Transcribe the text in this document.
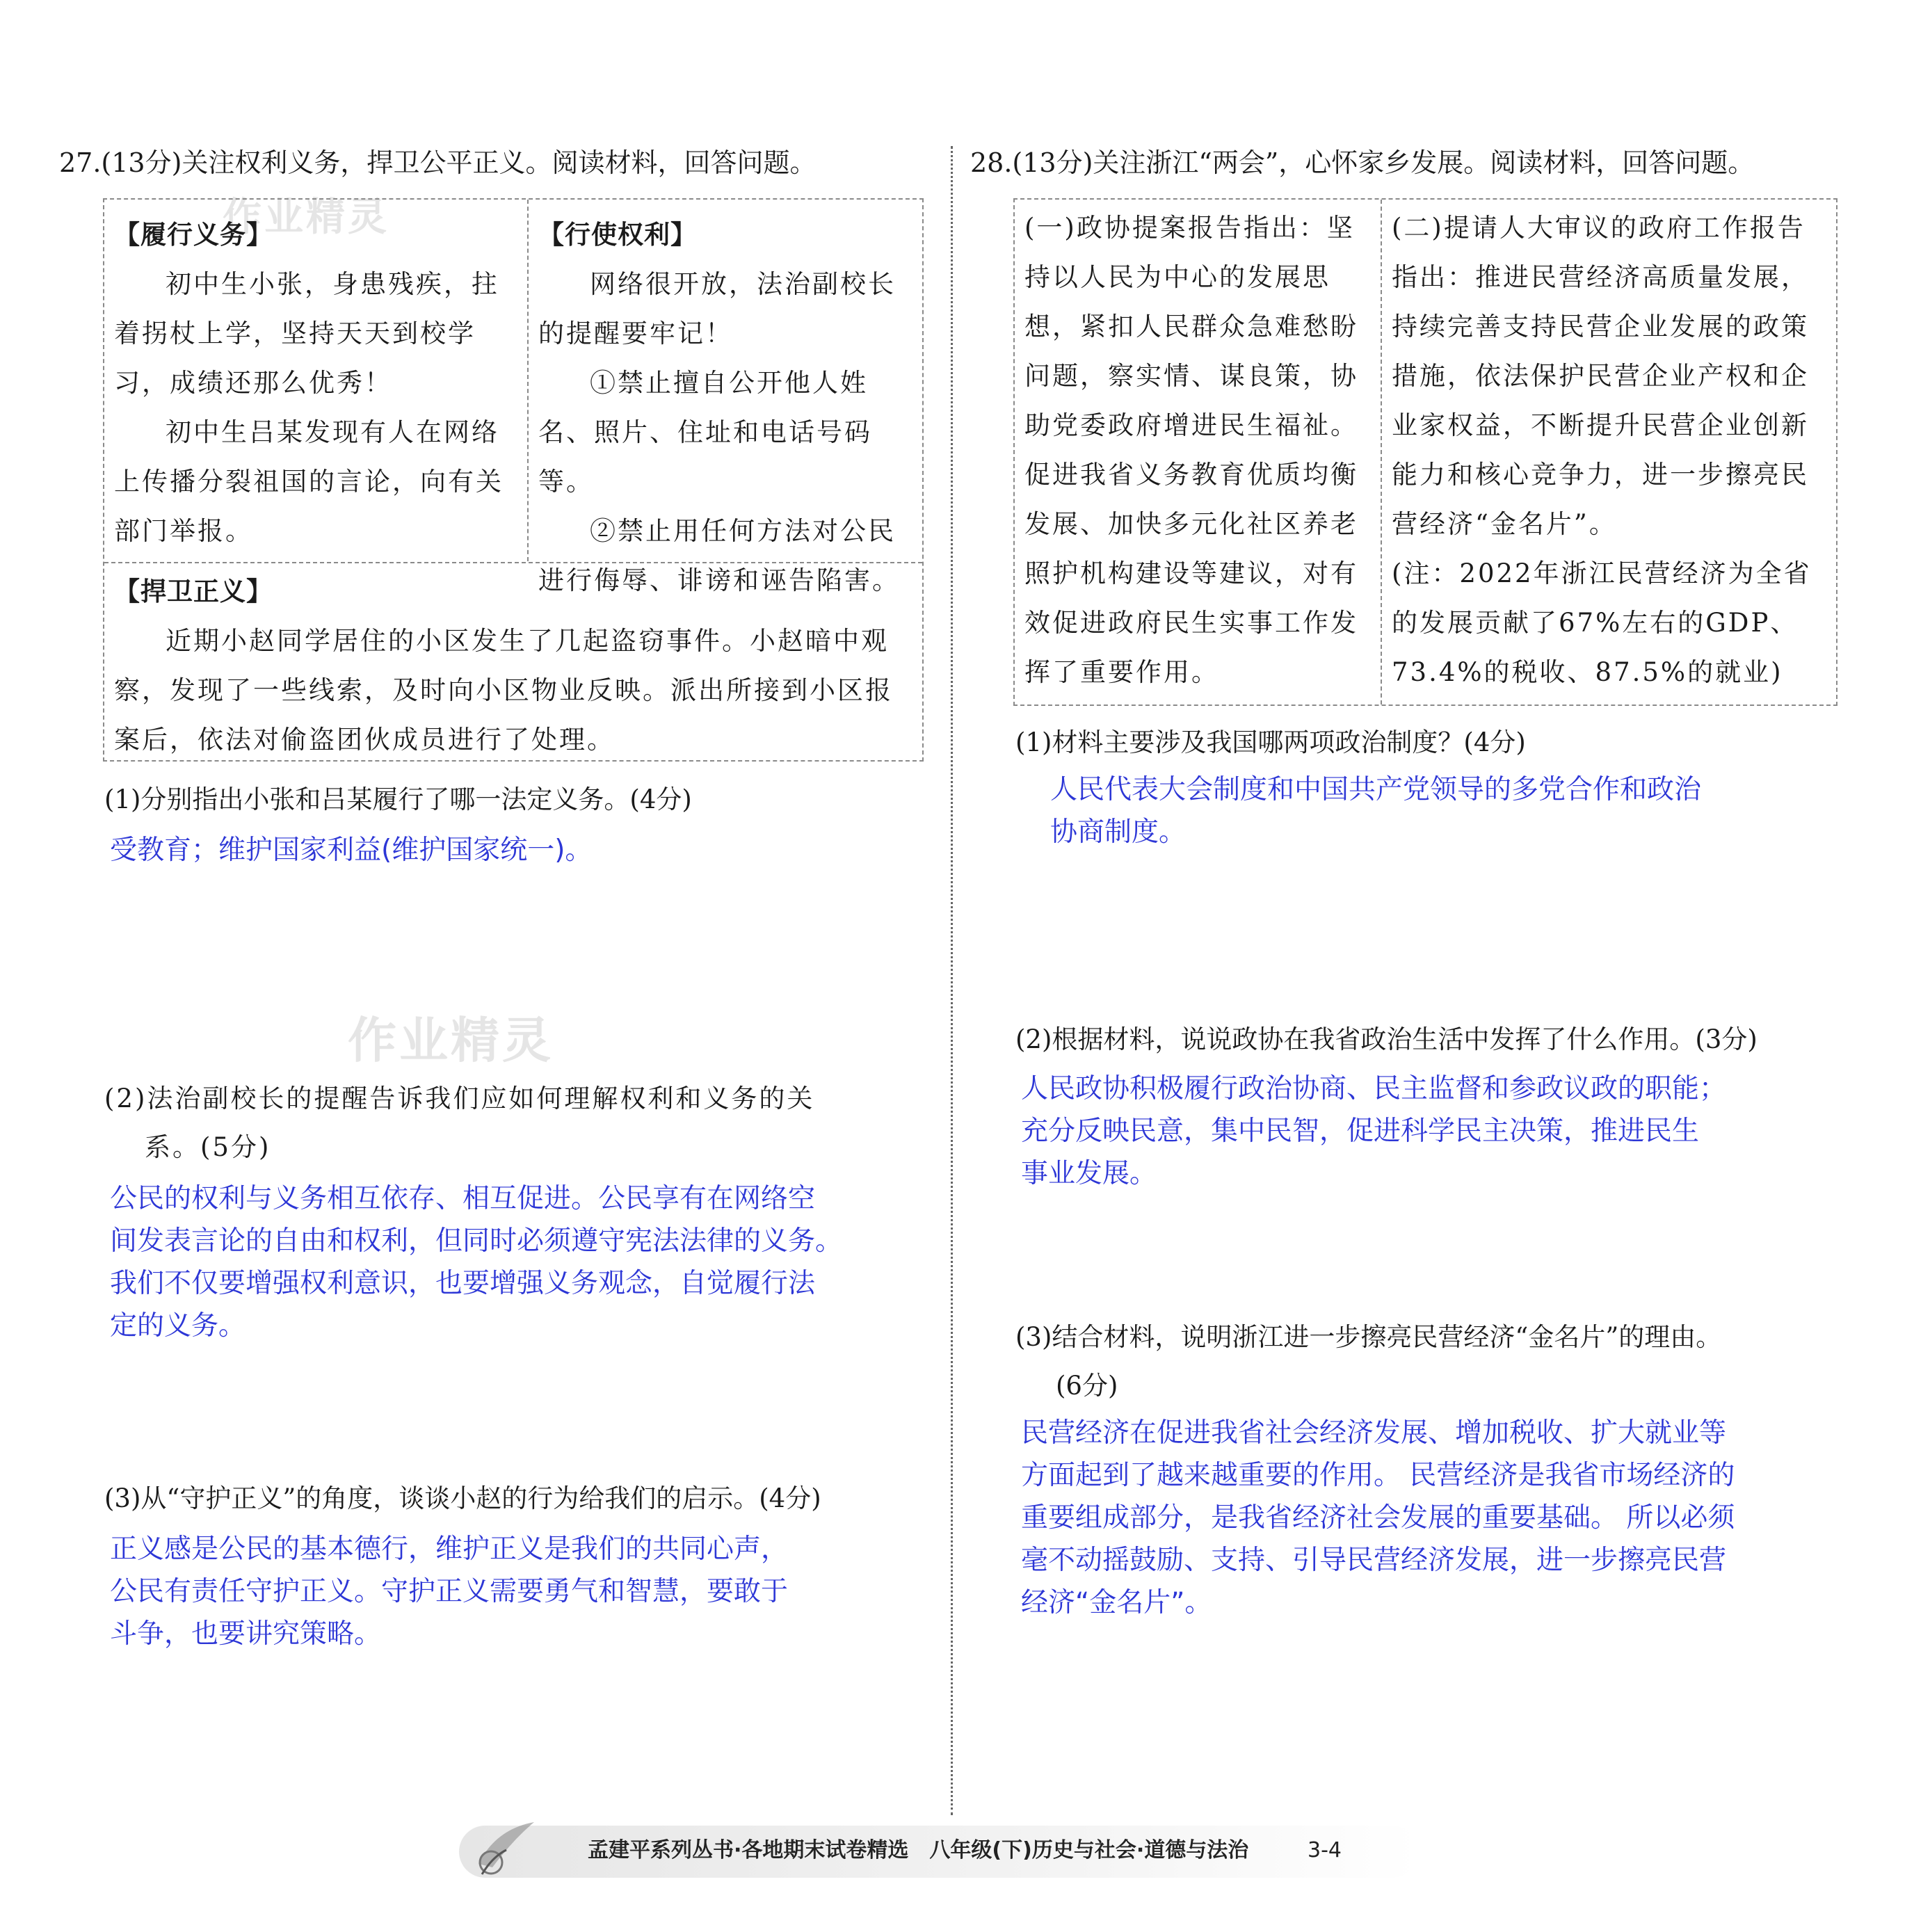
作业精灵
作业精灵
27.(13分)关注权利义务，捍卫公平正义。阅读材料，回答问题。
【履行义务】

初中生小张，身患残疾，拄着拐杖上学，坚持天天到校学习，成绩还那么优秀！

初中生吕某发现有人在网络上传播分裂祖国的言论，向有关部门举报。

【行使权利】

网络很开放，法治副校长的提醒要牢记！

①禁止擅自公开他人姓名、照片、住址和电话号码等。

②禁止用任何方法对公民进行侮辱、诽谤和诬告陷害。

【捍卫正义】

近期小赵同学居住的小区发生了几起盗窃事件。小赵暗中观察，发现了一些线索，及时向小区物业反映。派出所接到小区报案后，依法对偷盗团伙成员进行了处理。

(1)分别指出小张和吕某履行了哪一法定义务。(4分)
受教育；维护国家利益(维护国家统一)。
(2)法治副校长的提醒告诉我们应如何理解权利和义务的关
系。(5分)
公民的权利与义务相互依存、相互促进。公民享有在网络空
间发表言论的自由和权利，但同时必须遵守宪法法律的义务。
我们不仅要增强权利意识，也要增强义务观念，自觉履行法
定的义务。
(3)从“守护正义”的角度，谈谈小赵的行为给我们的启示。(4分)
正义感是公民的基本德行，维护正义是我们的共同心声，
公民有责任守护正义。守护正义需要勇气和智慧，要敢于
斗争，也要讲究策略。
28.(13分)关注浙江“两会”，心怀家乡发展。阅读材料，回答问题。

(一)政协提案报告指出：坚持以人民为中心的发展思想，紧扣人民群众急难愁盼问题，察实情、谋良策，协助党委政府增进民生福祉。促进我省义务教育优质均衡发展、加快多元化社区养老照护机构建设等建议，对有效促进政府民生实事工作发挥了重要作用。

(二)提请人大审议的政府工作报告指出：推进民营经济高质量发展，持续完善支持民营企业发展的政策措施，依法保护民营企业产权和企业家权益，不断提升民营企业创新能力和核心竞争力，进一步擦亮民营经济“金名片”。

(注：2022年浙江民营经济为全省的发展贡献了67%左右的GDP、73.4%的税收、87.5%的就业)

(1)材料主要涉及我国哪两项政治制度？(4分)
人民代表大会制度和中国共产党领导的多党合作和政治
协商制度。
(2)根据材料，说说政协在我省政治生活中发挥了什么作用。(3分)
人民政协积极履行政治协商、民主监督和参政议政的职能；
充分反映民意，集中民智，促进科学民主决策，推进民生
事业发展。
(3)结合材料，说明浙江进一步擦亮民营经济“金名片”的理由。
(6分)
民营经济在促进我省社会经济发展、增加税收、扩大就业等
方面起到了越来越重要的作用。 民营经济是我省市场经济的
重要组成部分，是我省经济社会发展的重要基础。 所以必须
毫不动摇鼓励、支持、引导民营经济发展，进一步擦亮民营
经济“金名片”。
孟建平系列丛书·各地期末试卷精选　八年级(下)历史与社会·道德与法治	3-4
